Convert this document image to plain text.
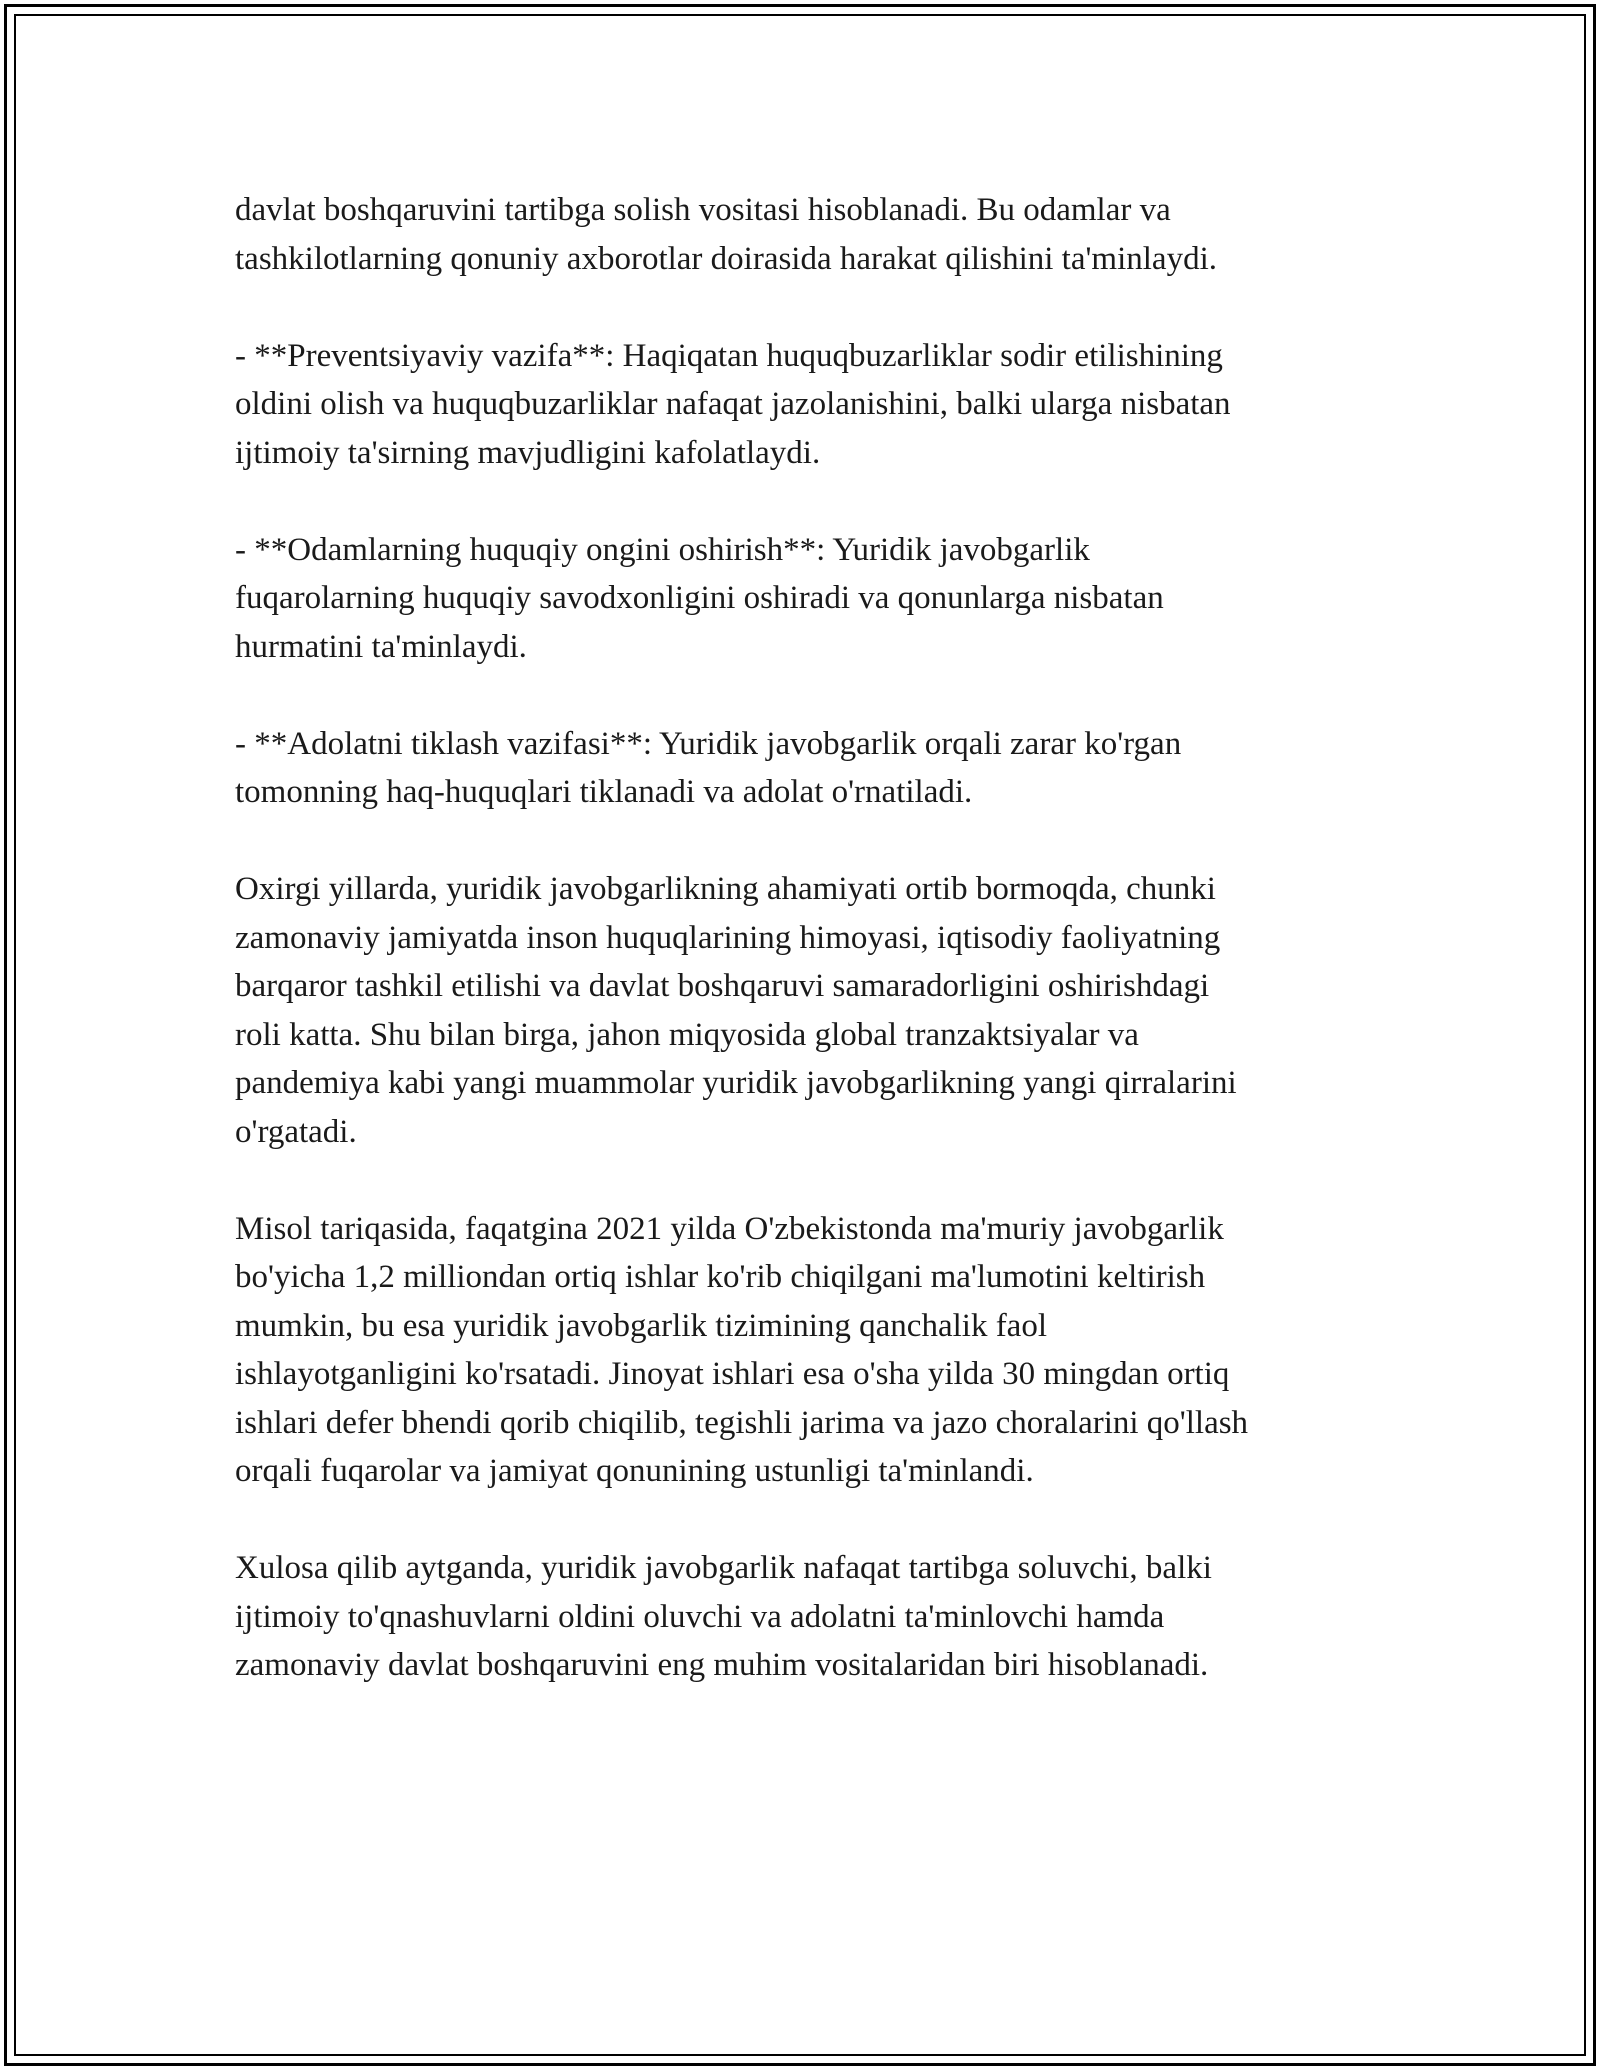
davlat boshqaruvini tartibga solish vositasi hisoblanadi. Bu odamlar va
tashkilotlarning qonuniy axborotlar doirasida harakat qilishini ta'minlaydi.

- **Preventsiyaviy vazifa**: Haqiqatan huquqbuzarliklar sodir etilishining
oldini olish va huquqbuzarliklar nafaqat jazolanishini, balki ularga nisbatan
ijtimoiy ta'sirning mavjudligini kafolatlaydi.

- **Odamlarning huquqiy ongini oshirish**: Yuridik javobgarlik
fuqarolarning huquqiy savodxonligini oshiradi va qonunlarga nisbatan
hurmatini ta'minlaydi.

- **Adolatni tiklash vazifasi**: Yuridik javobgarlik orqali zarar ko'rgan
tomonning haq-huquqlari tiklanadi va adolat o'rnatiladi.

Oxirgi yillarda, yuridik javobgarlikning ahamiyati ortib bormoqda, chunki
zamonaviy jamiyatda inson huquqlarining himoyasi, iqtisodiy faoliyatning
barqaror tashkil etilishi va davlat boshqaruvi samaradorligini oshirishdagi
roli katta. Shu bilan birga, jahon miqyosida global tranzaktsiyalar va
pandemiya kabi yangi muammolar yuridik javobgarlikning yangi qirralarini
o'rgatadi.

Misol tariqasida, faqatgina 2021 yilda O'zbekistonda ma'muriy javobgarlik
bo'yicha 1,2 milliondan ortiq ishlar ko'rib chiqilgani ma'lumotini keltirish
mumkin, bu esa yuridik javobgarlik tizimining qanchalik faol
ishlayotganligini ko'rsatadi. Jinoyat ishlari esa o'sha yilda 30 mingdan ortiq
ishlari defer bhendi qorib chiqilib, tegishli jarima va jazo choralarini qo'llash
orqali fuqarolar va jamiyat qonunining ustunligi ta'minlandi.

Xulosa qilib aytganda, yuridik javobgarlik nafaqat tartibga soluvchi, balki
ijtimoiy to'qnashuvlarni oldini oluvchi va adolatni ta'minlovchi hamda
zamonaviy davlat boshqaruvini eng muhim vositalaridan biri hisoblanadi.
